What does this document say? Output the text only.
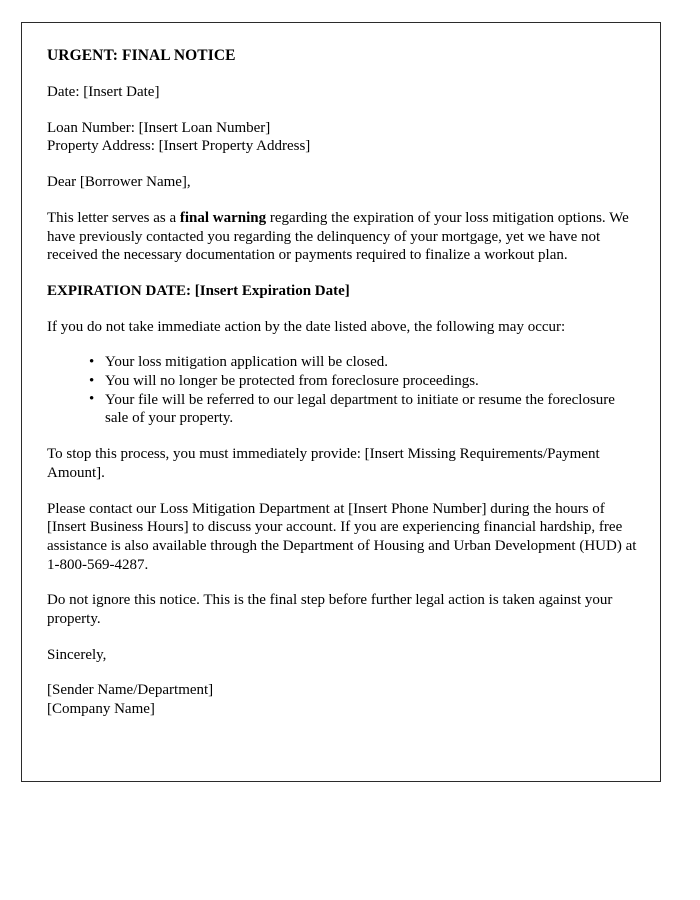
URGENT: FINAL NOTICE

Date: [Insert Date]

Loan Number: [Insert Loan Number]

Property Address: [Insert Property Address]

Dear [Borrower Name],

This letter serves as a final warning regarding the expiration of your loss mitigation options. We have previously contacted you regarding the delinquency of your mortgage, yet we have not received the necessary documentation or payments required to finalize a workout plan.

EXPIRATION DATE: [Insert Expiration Date]

If you do not take immediate action by the date listed above, the following may occur:

• Your loss mitigation application will be closed.
• You will no longer be protected from foreclosure proceedings.
• Your file will be referred to our legal department to initiate or resume the foreclosure sale of your property.

To stop this process, you must immediately provide: [Insert Missing Requirements/Payment Amount].

Please contact our Loss Mitigation Department at [Insert Phone Number] during the hours of [Insert Business Hours] to discuss your account. If you are experiencing financial hardship, free assistance is also available through the Department of Housing and Urban Development (HUD) at 1-800-569-4287.

Do not ignore this notice. This is the final step before further legal action is taken against your property.

Sincerely,

[Sender Name/Department]

[Company Name]
